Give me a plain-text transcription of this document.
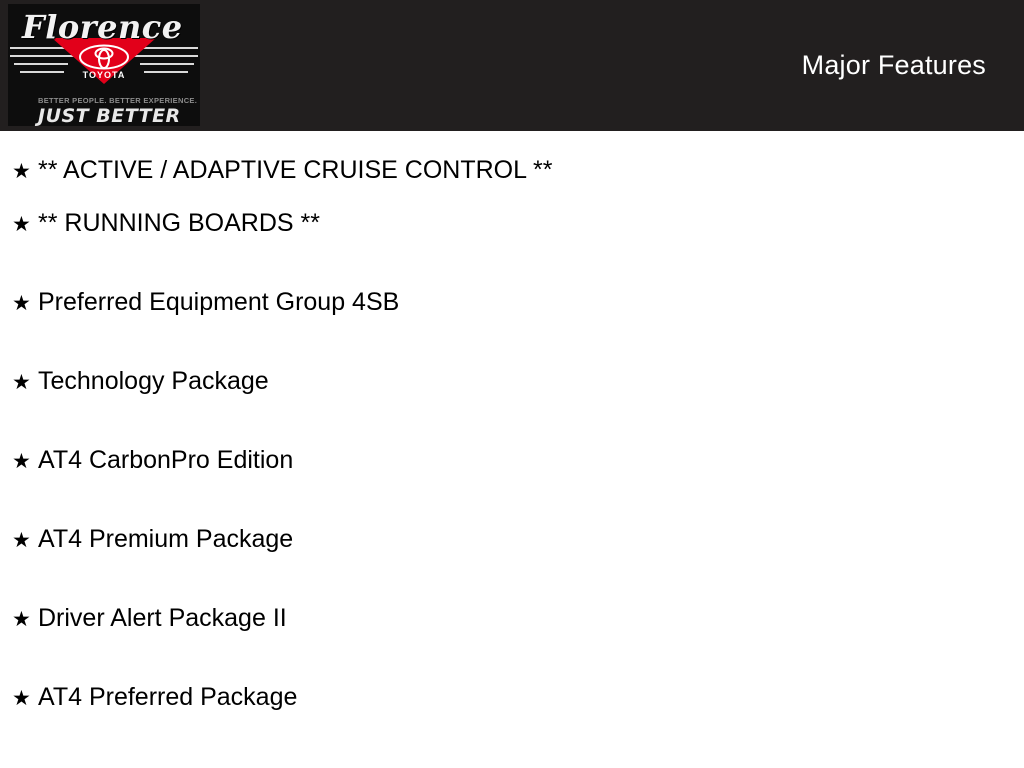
TOYOTA
Florence
BETTER PEOPLE. BETTER EXPERIENCE.
JUST BETTER
Major Features
★ ** ACTIVE / ADAPTIVE CRUISE CONTROL **
★ ** RUNNING BOARDS **
★ Preferred Equipment Group 4SB
★ Technology Package
★ AT4 CarbonPro Edition
★ AT4 Premium Package
★ Driver Alert Package II
★ AT4 Preferred Package
